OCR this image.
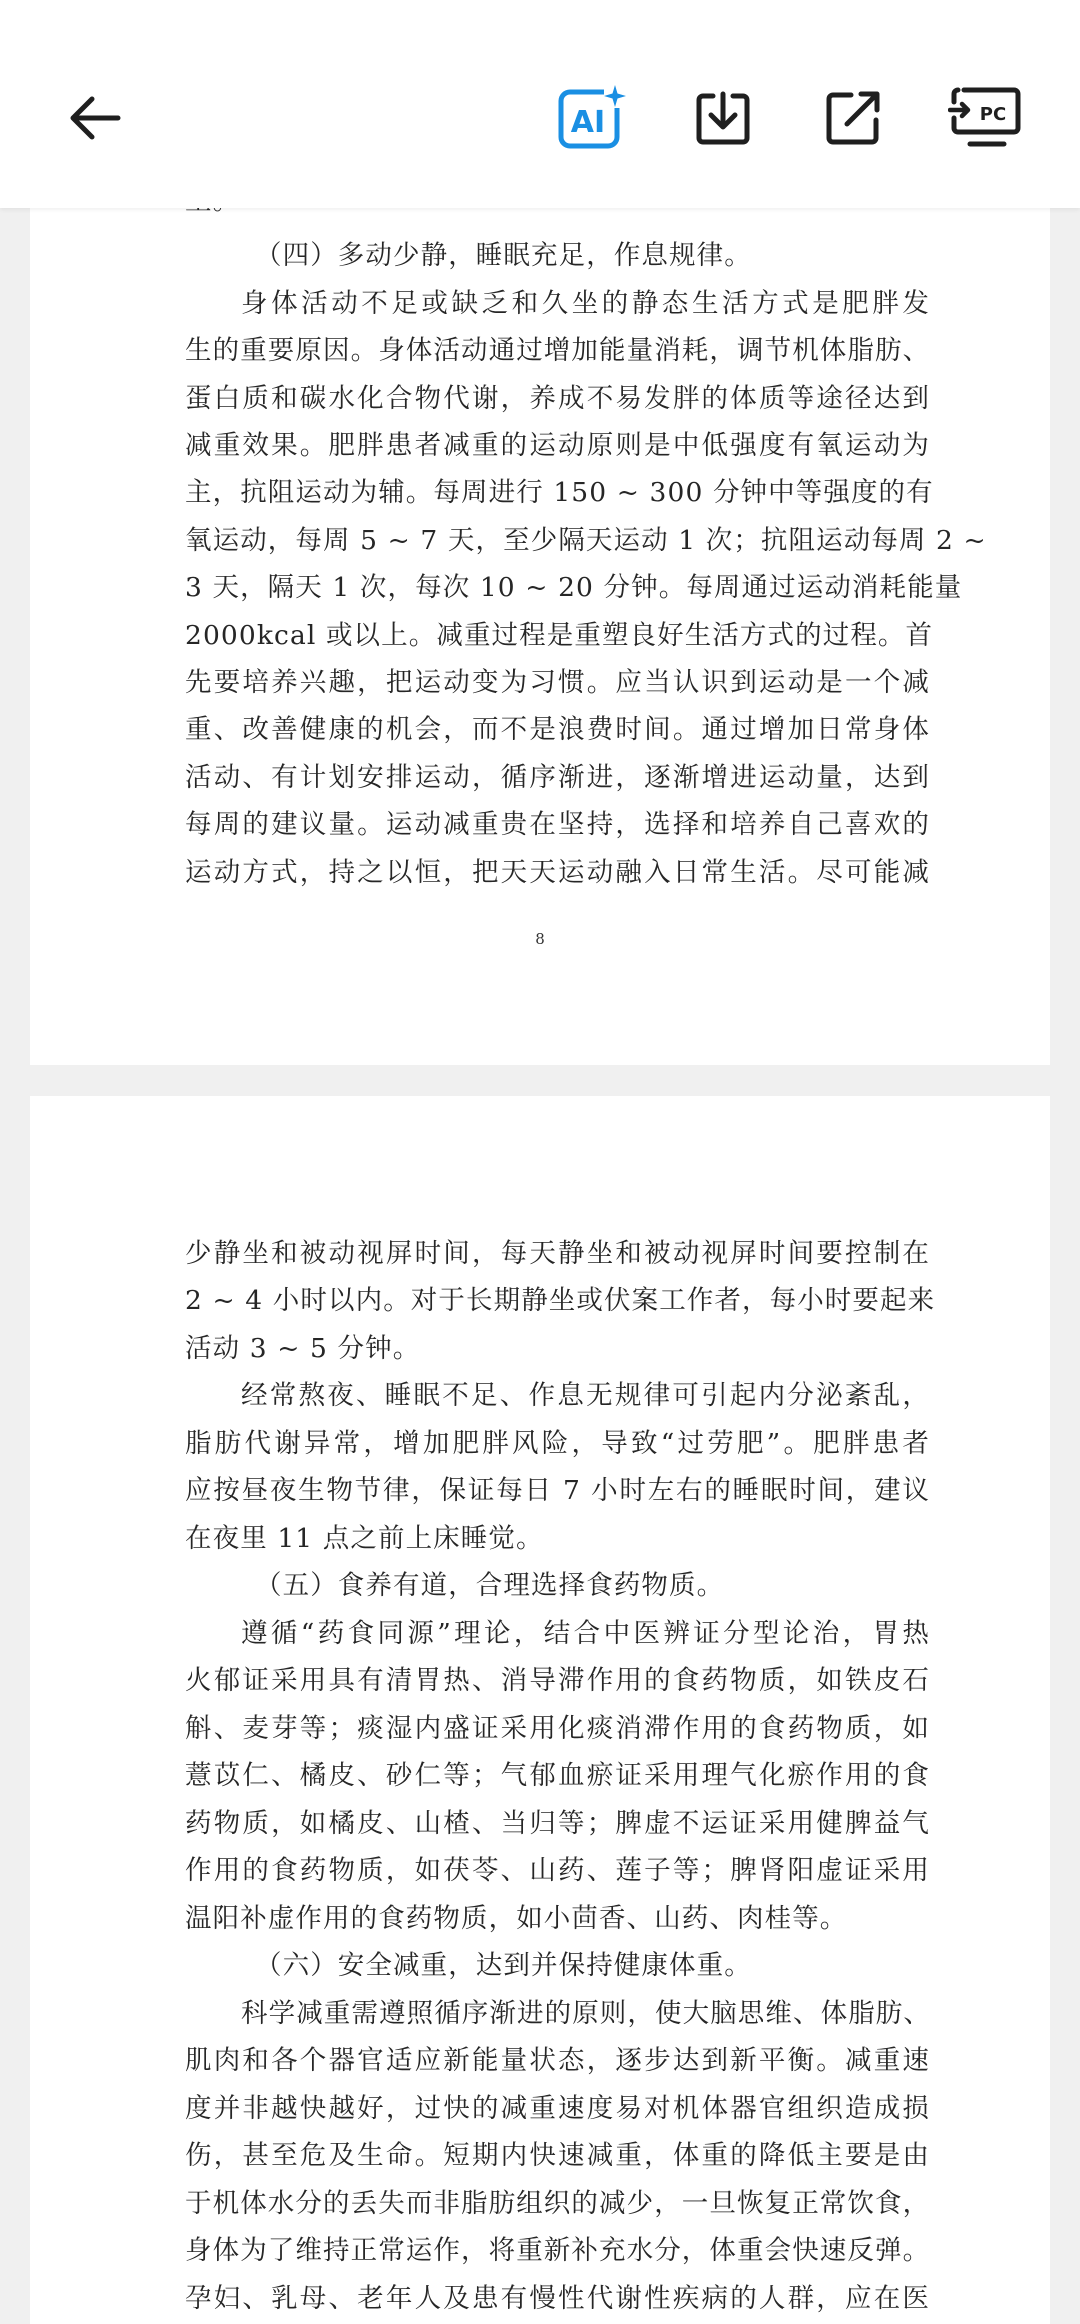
（四）多动少静，睡眠充足，作息规律。
身体活动不足或缺乏和久坐的静态生活方式是肥胖发
生的重要原因。身体活动通过增加能量消耗，调节机体脂肪、
蛋白质和碳水化合物代谢，养成不易发胖的体质等途径达到
减重效果。肥胖患者减重的运动原则是中低强度有氧运动为
主，抗阻运动为辅。每周进行 150 ~ 300 分钟中等强度的有
氧运动，每周 5 ~ 7 天，至少隔天运动 1 次；抗阻运动每周 2 ~
3 天，隔天 1 次，每次 10 ~ 20 分钟。每周通过运动消耗能量
2000kcal 或以上。减重过程是重塑良好生活方式的过程。首
先要培养兴趣，把运动变为习惯。应当认识到运动是一个减
重、改善健康的机会，而不是浪费时间。通过增加日常身体
活动、有计划安排运动，循序渐进，逐渐增进运动量，达到
每周的建议量。运动减重贵在坚持，选择和培养自己喜欢的
运动方式，持之以恒，把天天运动融入日常生活。尽可能减
8
少静坐和被动视屏时间，每天静坐和被动视屏时间要控制在
2 ~ 4 小时以内。对于长期静坐或伏案工作者，每小时要起来
活动 3 ~ 5 分钟。
经常熬夜、睡眠不足、作息无规律可引起内分泌紊乱，
脂肪代谢异常，增加肥胖风险，导致“过劳肥”。肥胖患者
应按昼夜生物节律，保证每日 7 小时左右的睡眠时间，建议
在夜里 11 点之前上床睡觉。
（五）食养有道，合理选择食药物质。
遵循“药食同源”理论，结合中医辨证分型论治，胃热
火郁证采用具有清胃热、消导滞作用的食药物质，如铁皮石
斛、麦芽等；痰湿内盛证采用化痰消滞作用的食药物质，如
薏苡仁、橘皮、砂仁等；气郁血瘀证采用理气化瘀作用的食
药物质，如橘皮、山楂、当归等；脾虚不运证采用健脾益气
作用的食药物质，如茯苓、山药、莲子等；脾肾阳虚证采用
温阳补虚作用的食药物质，如小茴香、山药、肉桂等。
（六）安全减重，达到并保持健康体重。
科学减重需遵照循序渐进的原则，使大脑思维、体脂肪、
肌肉和各个器官适应新能量状态，逐步达到新平衡。减重速
度并非越快越好，过快的减重速度易对机体器官组织造成损
伤，甚至危及生命。短期内快速减重，体重的降低主要是由
于机体水分的丢失而非脂肪组织的减少，一旦恢复正常饮食，
身体为了维持正常运作，将重新补充水分，体重会快速反弹。
孕妇、乳母、老年人及患有慢性代谢性疾病的人群，应在医
AI	PC
